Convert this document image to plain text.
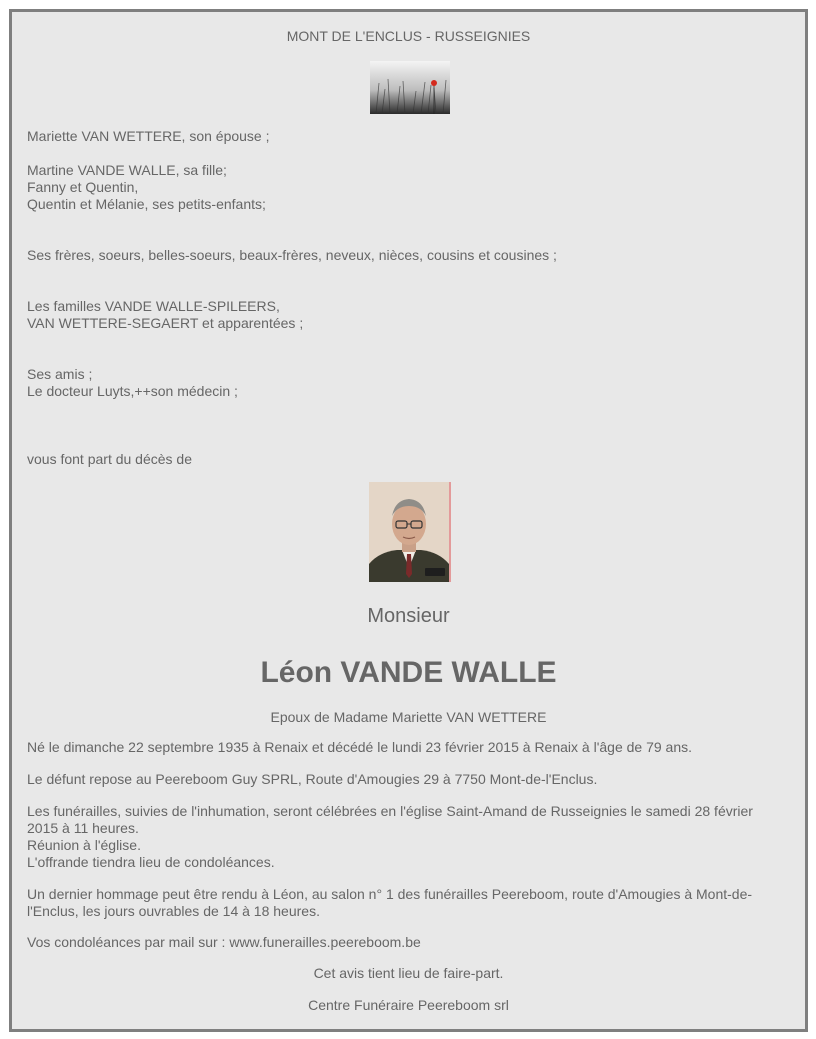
MONT DE L'ENCLUS - RUSSEIGNIES

Mariette VAN WETTERE, son épouse ;

Martine VANDE WALLE, sa fille;
Fanny et Quentin,
Quentin et Mélanie, ses petits-enfants;

Ses frères, soeurs, belles-soeurs, beaux-frères, neveux, nièces, cousins et cousines ;

Les familles VANDE WALLE-SPILEERS,
VAN WETTERE-SEGAERT et apparentées ;

Ses amis ;
Le docteur Luyts,++son médecin ;

vous font part du décès de

Monsieur

Léon VANDE WALLE

Epoux de Madame Mariette VAN WETTERE

Né le dimanche 22 septembre 1935 à Renaix et décédé le lundi 23 février 2015 à Renaix à l'âge de 79 ans.

Le défunt repose au Peereboom Guy SPRL, Route d'Amougies 29 à 7750 Mont-de-l'Enclus.

Les funérailles, suivies de l'inhumation, seront célébrées en l'église Saint-Amand de Russeignies le samedi 28 février
2015 à 11 heures.
Réunion à l'église.
L'offrande tiendra lieu de condoléances.

Un dernier hommage peut être rendu à Léon, au salon n° 1 des funérailles Peereboom, route d'Amougies à Mont-de-
l'Enclus, les jours ouvrables de 14 à 18 heures.

Vos condoléances par mail sur : www.funerailles.peereboom.be

Cet avis tient lieu de faire-part.

Centre Funéraire Peereboom srl
